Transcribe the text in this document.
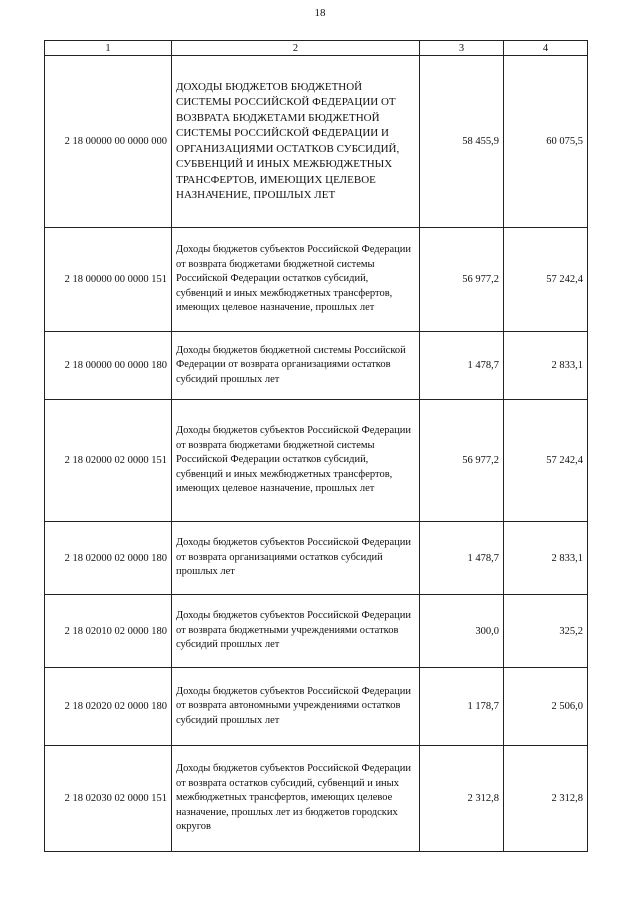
18
1	2	3	4
2 18 00000 00 0000 000	ДОХОДЫ БЮДЖЕТОВ БЮДЖЕТНОЙ СИСТЕМЫ РОССИЙСКОЙ ФЕДЕРАЦИИ ОТ ВОЗВРАТА БЮДЖЕТАМИ БЮДЖЕТНОЙ СИСТЕМЫ РОССИЙСКОЙ ФЕДЕРАЦИИ И ОРГАНИЗАЦИЯМИ ОСТАТКОВ СУБСИДИЙ, СУБВЕНЦИЙ И ИНЫХ МЕЖБЮДЖЕТНЫХ ТРАНСФЕРТОВ, ИМЕЮЩИХ ЦЕЛЕВОЕ НАЗНАЧЕНИЕ, ПРОШЛЫХ ЛЕТ	58 455,9	60 075,5
2 18 00000 00 0000 151	Доходы бюджетов субъектов Российской Федерации от возврата бюджетами бюджетной системы Российской Федерации остатков субсидий, субвенций и иных межбюджетных трансфертов, имеющих целевое назначение, прошлых лет	56 977,2	57 242,4
2 18 00000 00 0000 180	Доходы бюджетов бюджетной системы Российской Федерации от возврата организациями остатков субсидий прошлых лет	1 478,7	2 833,1
2 18 02000 02 0000 151	Доходы бюджетов субъектов Российской Федерации от возврата бюджетами бюджетной системы Российской Федерации остатков субсидий, субвенций и иных межбюджетных трансфертов, имеющих целевое назначение, прошлых лет	56 977,2	57 242,4
2 18 02000 02 0000 180	Доходы бюджетов субъектов Российской Федерации от возврата организациями остатков субсидий прошлых лет	1 478,7	2 833,1
2 18 02010 02 0000 180	Доходы бюджетов субъектов Российской Федерации от возврата бюджетными учреждениями остатков субсидий прошлых лет	300,0	325,2
2 18 02020 02 0000 180	Доходы бюджетов субъектов Российской Федерации от возврата автономными учреждениями остатков субсидий прошлых лет	1 178,7	2 506,0
2 18 02030 02 0000 151	Доходы бюджетов субъектов Российской Федерации от возврата остатков субсидий, субвенций и иных межбюджетных трансфертов, имеющих целевое назначение, прошлых лет из бюджетов городских округов	2 312,8	2 312,8
